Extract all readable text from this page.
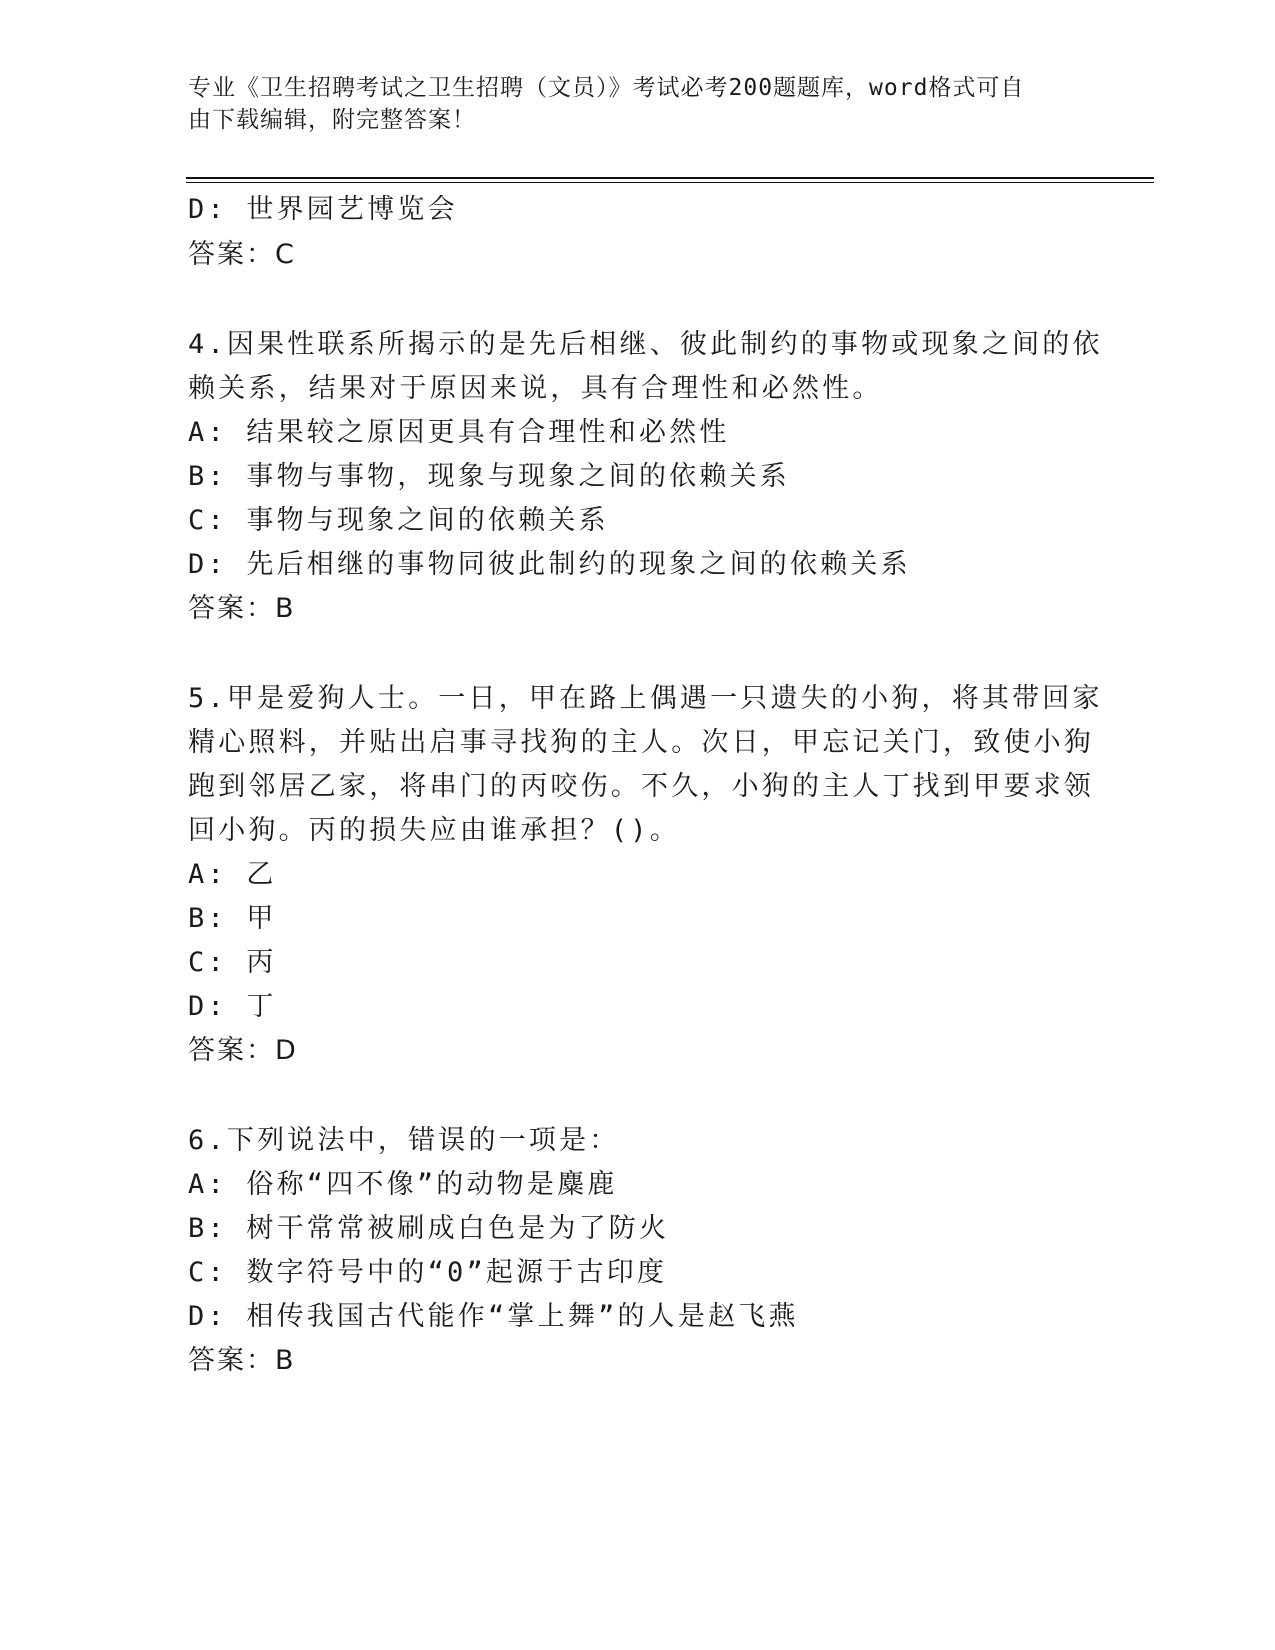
专业《卫生招聘考试之卫生招聘（文员）》考试必考200题题库，word格式可自
由下载编辑，附完整答案！
D: 世界园艺博览会
答案：C
4.因果性联系所揭示的是先后相继、彼此制约的事物或现象之间的依
赖关系，结果对于原因来说，具有合理性和必然性。
A: 结果较之原因更具有合理性和必然性
B: 事物与事物，现象与现象之间的依赖关系
C: 事物与现象之间的依赖关系
D: 先后相继的事物同彼此制约的现象之间的依赖关系
答案：B
5.甲是爱狗人士。一日，甲在路上偶遇一只遗失的小狗，将其带回家
精心照料，并贴出启事寻找狗的主人。次日，甲忘记关门，致使小狗
跑到邻居乙家，将串门的丙咬伤。不久，小狗的主人丁找到甲要求领
回小狗。丙的损失应由谁承担？()。
A: 乙
B: 甲
C: 丙
D: 丁
答案：D
6.下列说法中，错误的一项是：
A: 俗称“四不像”的动物是麋鹿
B: 树干常常被刷成白色是为了防火
C: 数字符号中的“0”起源于古印度
D: 相传我国古代能作“掌上舞”的人是赵飞燕
答案：B
